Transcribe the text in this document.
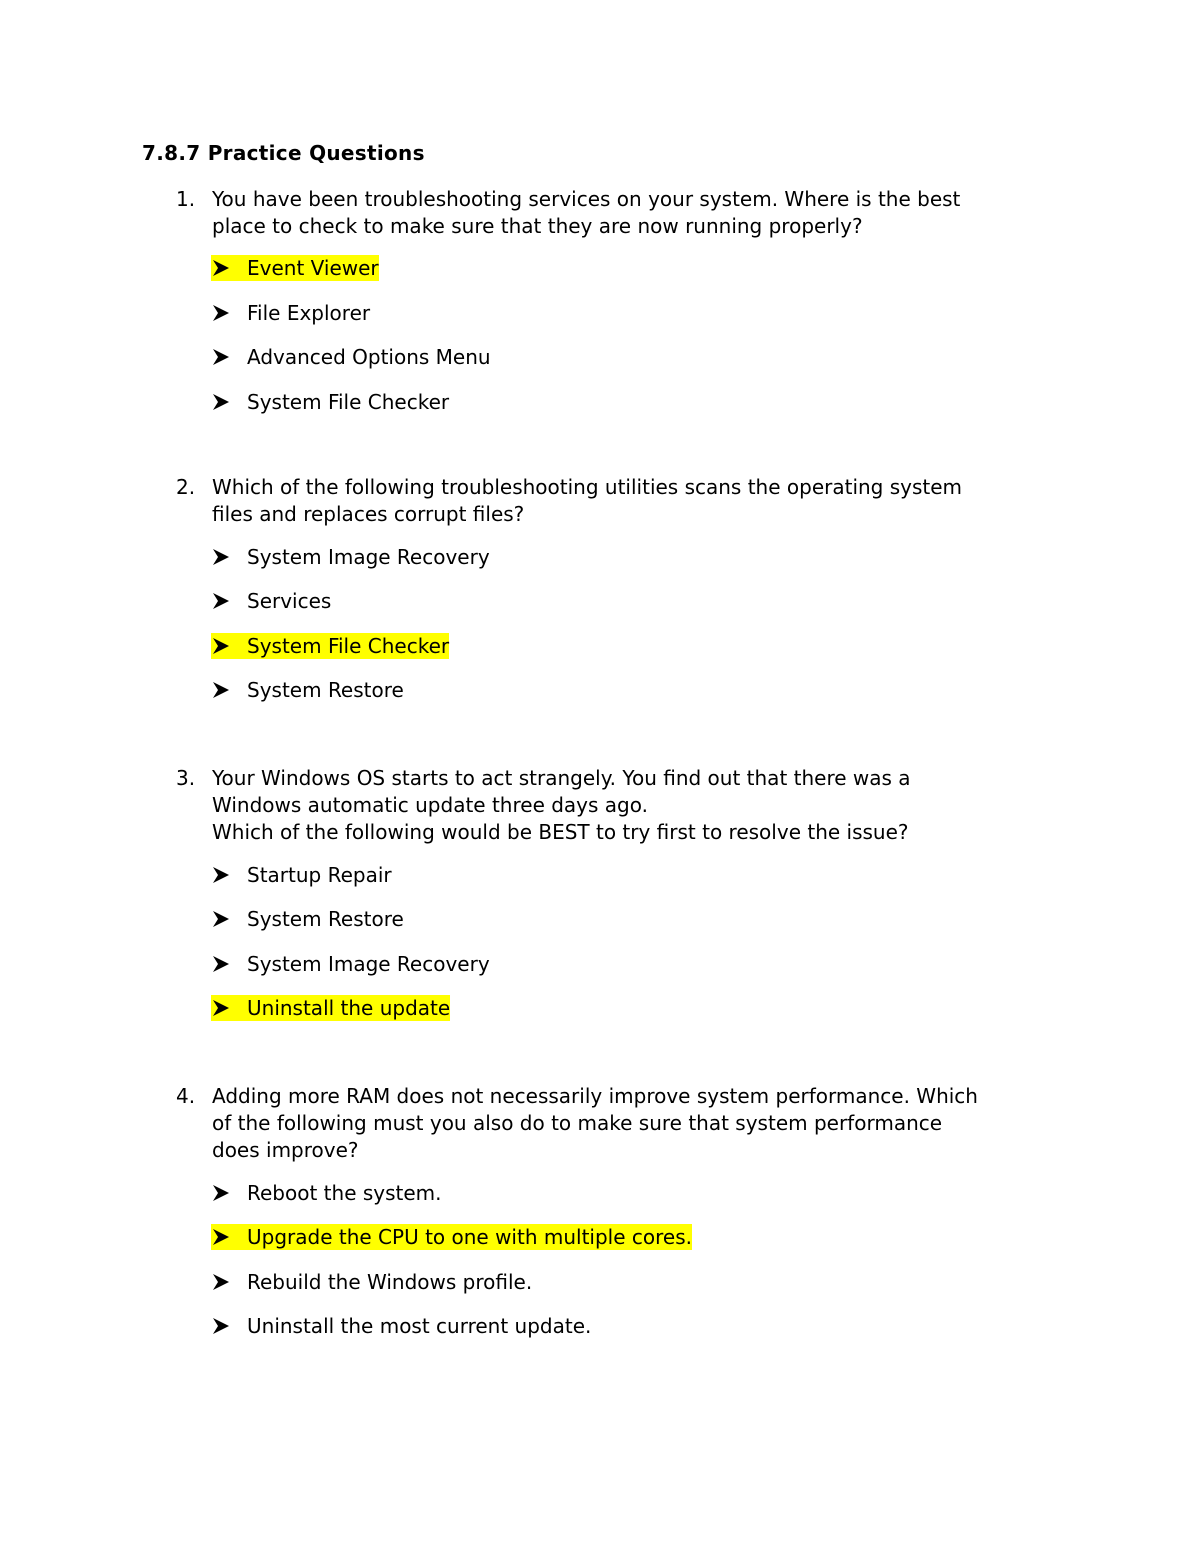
7.8.7 Practice Questions
1. You have been troubleshooting services on your system. Where is the best
place to check to make sure that they are now running properly?
Event Viewer
File Explorer
Advanced Options Menu
System File Checker
2. Which of the following troubleshooting utilities scans the operating system
files and replaces corrupt files?
System Image Recovery
Services
System File Checker
System Restore
3. Your Windows OS starts to act strangely. You find out that there was a
Windows automatic update three days ago.
Which of the following would be BEST to try first to resolve the issue?
Startup Repair
System Restore
System Image Recovery
Uninstall the update
4. Adding more RAM does not necessarily improve system performance. Which
of the following must you also do to make sure that system performance
does improve?
Reboot the system.
Upgrade the CPU to one with multiple cores.
Rebuild the Windows profile.
Uninstall the most current update.
